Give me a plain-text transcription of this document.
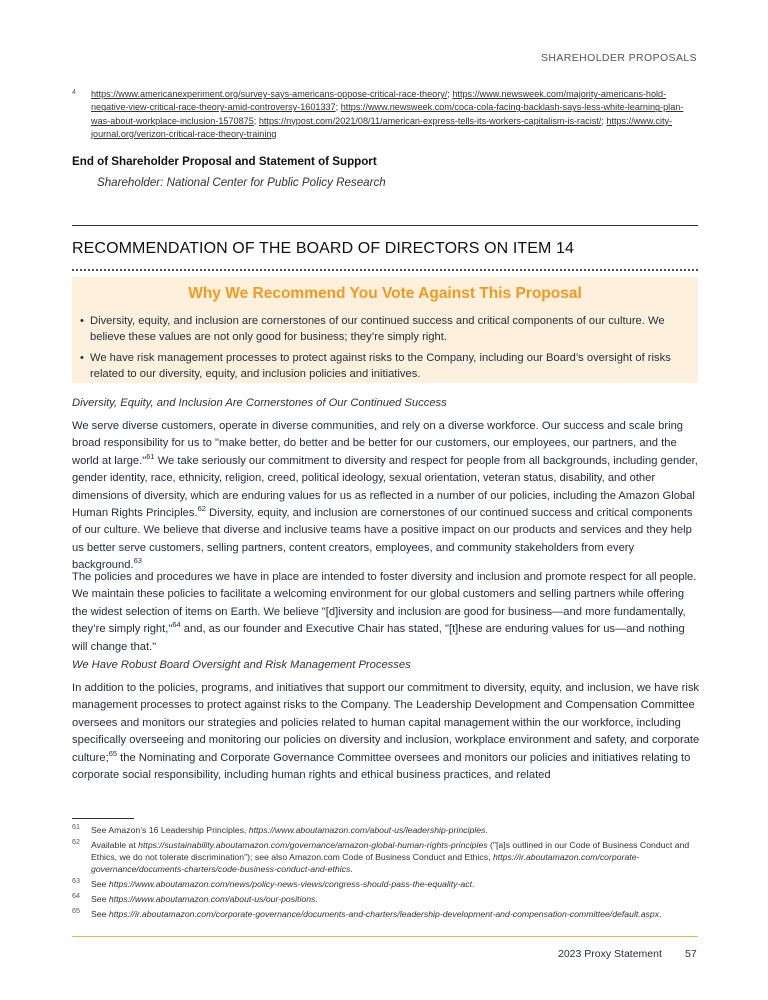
SHAREHOLDER PROPOSALS
4 https://www.americanexperiment.org/survey-says-americans-oppose-critical-race-theory/; https://www.newsweek.com/majority-americans-hold-negative-view-critical-race-theory-amid-controversy-1601337; https://www.newsweek.com/coca-cola-facing-backlash-says-less-white-learning-plan-was-about-workplace-inclusion-1570875; https://nypost.com/2021/08/11/american-express-tells-its-workers-capitalism-is-racist/; https://www.city-journal.org/verizon-critical-race-theory-training
End of Shareholder Proposal and Statement of Support
Shareholder: National Center for Public Policy Research
RECOMMENDATION OF THE BOARD OF DIRECTORS ON ITEM 14
Why We Recommend You Vote Against This Proposal
• Diversity, equity, and inclusion are cornerstones of our continued success and critical components of our culture. We believe these values are not only good for business; they’re simply right.
• We have risk management processes to protect against risks to the Company, including our Board’s oversight of risks related to our diversity, equity, and inclusion policies and initiatives.
Diversity, Equity, and Inclusion Are Cornerstones of Our Continued Success

We serve diverse customers, operate in diverse communities, and rely on a diverse workforce. Our success and scale bring broad responsibility for us to "make better, do better and be better for our customers, our employees, our partners, and the world at large."$^{61}$ We take seriously our commitment to diversity and respect for people from all backgrounds, including gender, gender identity, race, ethnicity, religion, creed, political ideology, sexual orientation, veteran status, disability, and other dimensions of diversity, which are enduring values for us as reflected in a number of our policies, including the Amazon Global Human Rights Principles.$^{62}$ Diversity, equity, and inclusion are cornerstones of our continued success and critical components of our culture. We believe that diverse and inclusive teams have a positive impact on our products and services and they help us better serve customers, selling partners, content creators, employees, and community stakeholders from every background.$^{63}$

The policies and procedures we have in place are intended to foster diversity and inclusion and promote respect for all people. We maintain these policies to facilitate a welcoming environment for our global customers and selling partners while offering the widest selection of items on Earth. We believe "[d]iversity and inclusion are good for business—and more fundamentally, they’re simply right,"$^{64}$ and, as our founder and Executive Chair has stated, "[t]hese are enduring values for us—and nothing will change that."

We Have Robust Board Oversight and Risk Management Processes

In addition to the policies, programs, and initiatives that support our commitment to diversity, equity, and inclusion, we have risk management processes to protect against risks to the Company. The Leadership Development and Compensation Committee oversees and monitors our strategies and policies related to human capital management within the our workforce, including specifically overseeing and monitoring our policies on diversity and inclusion, workplace environment and safety, and corporate culture;$^{65}$ the Nominating and Corporate Governance Committee oversees and monitors our policies and initiatives relating to corporate social responsibility, including human rights and ethical business practices, and related

61 See Amazon’s 16 Leadership Principles, https://www.aboutamazon.com/about-us/leadership-principles.
62 Available at https://sustainability.aboutamazon.com/governance/amazon-global-human-rights-principles ("[a]s outlined in our Code of Business Conduct and Ethics, we do not tolerate discrimination"); see also Amazon.com Code of Business Conduct and Ethics, https://ir.aboutamazon.com/corporate-governance/documents-charters/code-business-conduct-and-ethics.
63 See https://www.aboutamazon.com/news/policy-news-views/congress-should-pass-the-equality-act.
64 See https://www.aboutamazon.com/about-us/our-positions.
65 See https://ir.aboutamazon.com/corporate-governance/documents-and-charters/leadership-development-and-compensation-committee/default.aspx.
2023 Proxy Statement 57
